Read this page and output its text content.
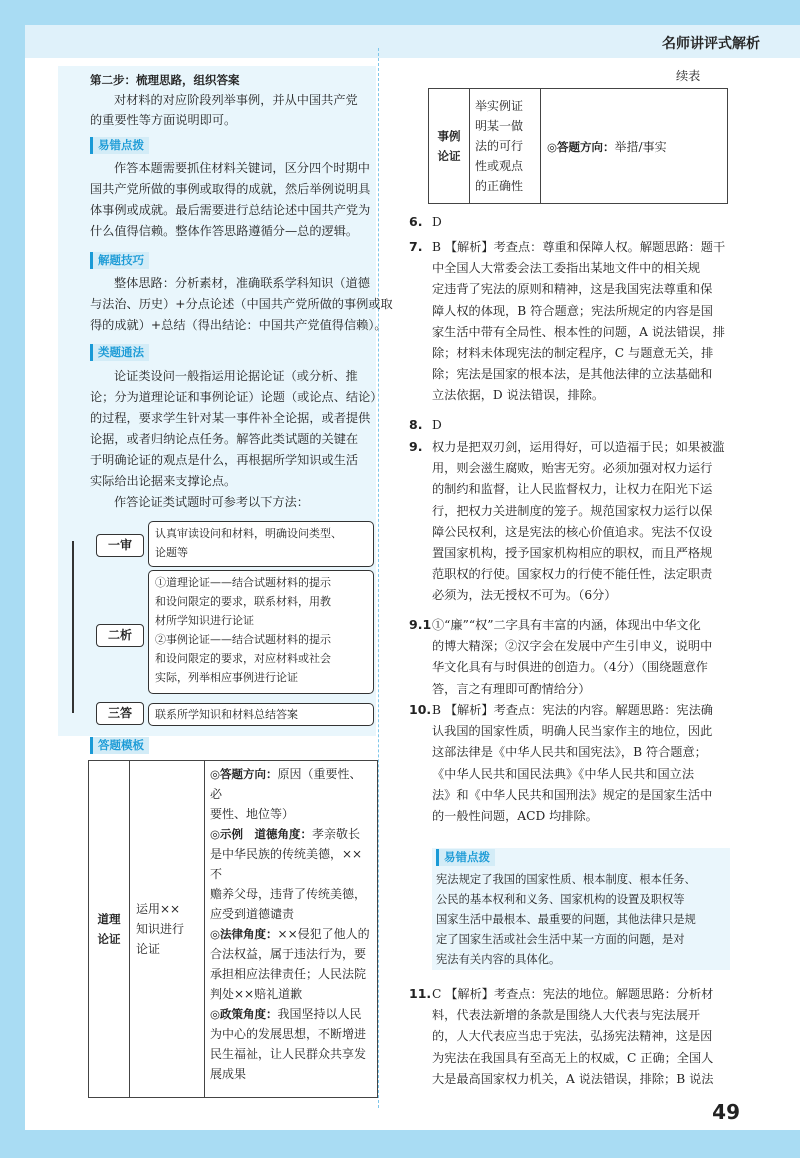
名师讲评式解析
第二步：梳理思路，组织答案
对材料的对应阶段列举事例，并从中国共产党
的重要性等方面说明即可。
易错点拨
作答本题需要抓住材料关键词，区分四个时期中
国共产党所做的事例或取得的成就，然后举例说明具
体事例或成就。最后需要进行总结论述中国共产党为
什么值得信赖。整体作答思路遵循分—总的逻辑。
解题技巧
整体思路：分析素材，准确联系学科知识（道德
与法治、历史）+分点论述（中国共产党所做的事例或取
得的成就）+总结（得出结论：中国共产党值得信赖）。
类题通法
论证类设问一般指运用论据论证（或分析、推
论；分为道理论证和事例论证）论题（或论点、结论）
的过程，要求学生针对某一事件补全论据，或者提供
论据，或者归纳论点任务。解答此类试题的关键在
于明确论证的观点是什么，再根据所学知识或生活
实际给出论据来支撑论点。
作答论证类试题时可参考以下方法：
一审
二析
三答
认真审读设问和材料，明确设问类型、
论题等
①道理论证——结合试题材料的提示
和设问限定的要求，联系材料，用教
材所学知识进行论证
②事例论证——结合试题材料的提示
和设问限定的要求，对应材料或社会
实际，列举相应事例进行论证
联系所学知识和材料总结答案
答题模板
道理论证

运用××知识进行论证

◎答题方向：原因（重要性、必
要性、地位等）
◎示例　道德角度：孝亲敬长
是中华民族的传统美德，××不
赡养父母，违背了传统美德，
应受到道德谴责
◎法律角度：××侵犯了他人的
合法权益，属于违法行为，要
承担相应法律责任；人民法院
判处××赔礼道歉
◎政策角度：我国坚持以人民
为中心的发展思想，不断增进
民生福祉，让人民群众共享发
展成果
续表
事例论证

举实例证明某一做法的可行性或观点的正确性
	◎答题方向：举措/事实
6. D
7. B 【解析】考查点：尊重和保障人权。解题思路：题干
中全国人大常委会法工委指出某地文件中的相关规
定违背了宪法的原则和精神，这是我国宪法尊重和保
障人权的体现，B 符合题意；宪法所规定的内容是国
家生活中带有全局性、根本性的问题，A 说法错误，排
除；材料未体现宪法的制定程序，C 与题意无关，排
除；宪法是国家的根本法，是其他法律的立法基础和
立法依据，D 说法错误，排除。
8. D
9. 权力是把双刃剑，运用得好，可以造福于民；如果被滥
用，则会滋生腐败，贻害无穷。必须加强对权力运行
的制约和监督，让人民监督权力，让权力在阳光下运
行，把权力关进制度的笼子。规范国家权力运行以保
障公民权利，这是宪法的核心价值追求。宪法不仅设
置国家机构，授予国家机构相应的职权，而且严格规
范职权的行使。国家权力的行使不能任性，法定职责
必须为，法无授权不可为。（6分）
9.1 ①“廉”“权”二字具有丰富的内涵，体现出中华文化
的博大精深；②汉字会在发展中产生引申义，说明中
华文化具有与时俱进的创造力。（4分）（围绕题意作
答，言之有理即可酌情给分）
10. B 【解析】考查点：宪法的内容。解题思路：宪法确
认我国的国家性质，明确人民当家作主的地位，因此
这部法律是《中华人民共和国宪法》，B 符合题意；
《中华人民共和国民法典》《中华人民共和国立法
法》和《中华人民共和国刑法》规定的是国家生活中
的一般性问题，ACD 均排除。
易错点拨
宪法规定了我国的国家性质、根本制度、根本任务、
公民的基本权利和义务、国家机构的设置及职权等
国家生活中最根本、最重要的问题，其他法律只是规
定了国家生活或社会生活中某一方面的问题，是对
宪法有关内容的具体化。
11. C 【解析】考查点：宪法的地位。解题思路：分析材
料，代表法新增的条款是围绕人大代表与宪法展开
的，人大代表应当忠于宪法，弘扬宪法精神，这是因
为宪法在我国具有至高无上的权威，C 正确；全国人
大是最高国家权力机关，A 说法错误，排除；B 说法
49
